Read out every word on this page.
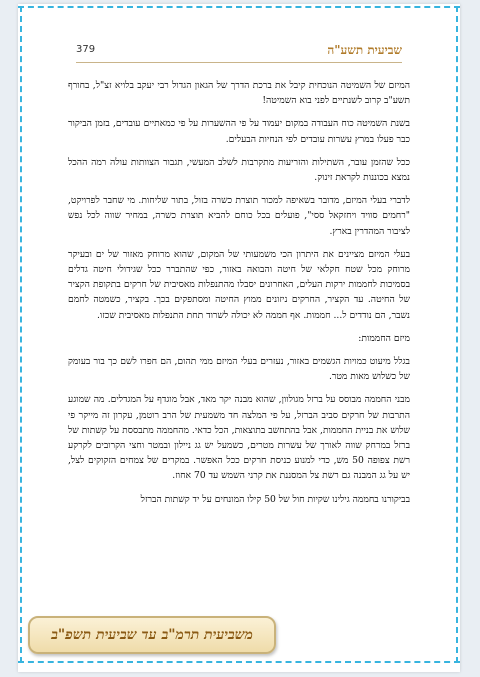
379	שביעית תשע"ה

המיזם של השמיטה הנוכחית קיבל את ברכת הדרך של הגאון הגדול רבי יעקב בלויא זצ"ל, בחורף תשע"ב קרוב לשנתיים לפני בוא השמיטה!

בשנת השמיטה כוח העבודה במקום יעמוד על פי ההשערות על פי כמאתיים עובדים, בזמן הביקור כבר פעלו במרץ עשרות עובדים לפי הנחיות הבעלים.

ככל שהזמן עובר, השתילות והזריעות מתקרבות לשלב המעשי, תגבור הצוותות עולה רמה ההכל נמצא בכוננות לקראת זינוק.

לדברי בעלי המיזם, מדובר בשאיפה למכור תוצרת כשרה בזול, בתור שליחות. מי שחבר לפרויקט, "רחמים סוויד ויחזקאל ססי", פועלים בכל כוחם להביא תוצרת כשרה, במחיר שווה לכל נפש לציבור המהדרין בארץ.

בעלי המיזם מציינים את היתרון הכי משמעותי של המקום, שהוא מרוחק מאזור של ים ובעיקר מרוחק מכל שטח חקלאי של חיטה והבואה באזור, כפי שהתברר ככל שגידולי חיטה גדלים בסמיכות לחממות ירקות העלים, האחרונים יסבלו מהתנפלות מאסיבית של חרקים בתקופת הקציר של החיטה. עד הקציר, החרקים ניזונים ממוץ החיטה ומסתפקים בכך. בקציר, כשמטה לחמם נשבר, הם נודדים ל... חממות. אף חממה לא יכולה לשרוד תחת התנפלות מאסיבית שכזו.

מיזם החממות:

בגלל מיעוט כמויות הגשמים באזור, נעזרים בעלי המיזם ממי תהום, הם חפרו לשם כך בור בעומק של כשלוש מאות מטר.

מבני החממה מבוסס על ברזל מגולוון, שהוא מבנה יקר מאד, אבל מוגדף על המגדלים. מה שמוגע התרבות של חרקים סביב הברזל, על פי המלצה חד משמעית של הרב רוטמן, עקרון זה מייקר פי שלוש את בניית החממות, אבל בהתחשב בתוצאות, הכל כדאי. מהחממה מתבססת על קשתות של ברזל במרחק שווה לאורך של עשרות מטרים, כשמעל יש גג ניילון ובמטר וחצי הקרובים לקרקע רשת צפופה 50 מש, כדי למנוע כניסת חרקים ככל האפשר. במקרים של צמחים הזקוקים לצל, יש על גג המבנה גם רשת צל המסננת את קרני השמש עד 70 אחוז.

בביקורנו בחממה גילינו שקיות חול של 50 קילו המונחים על יד קשתות הברזל

משביעית תרמ"ב עד שביעית תשפ"ב
